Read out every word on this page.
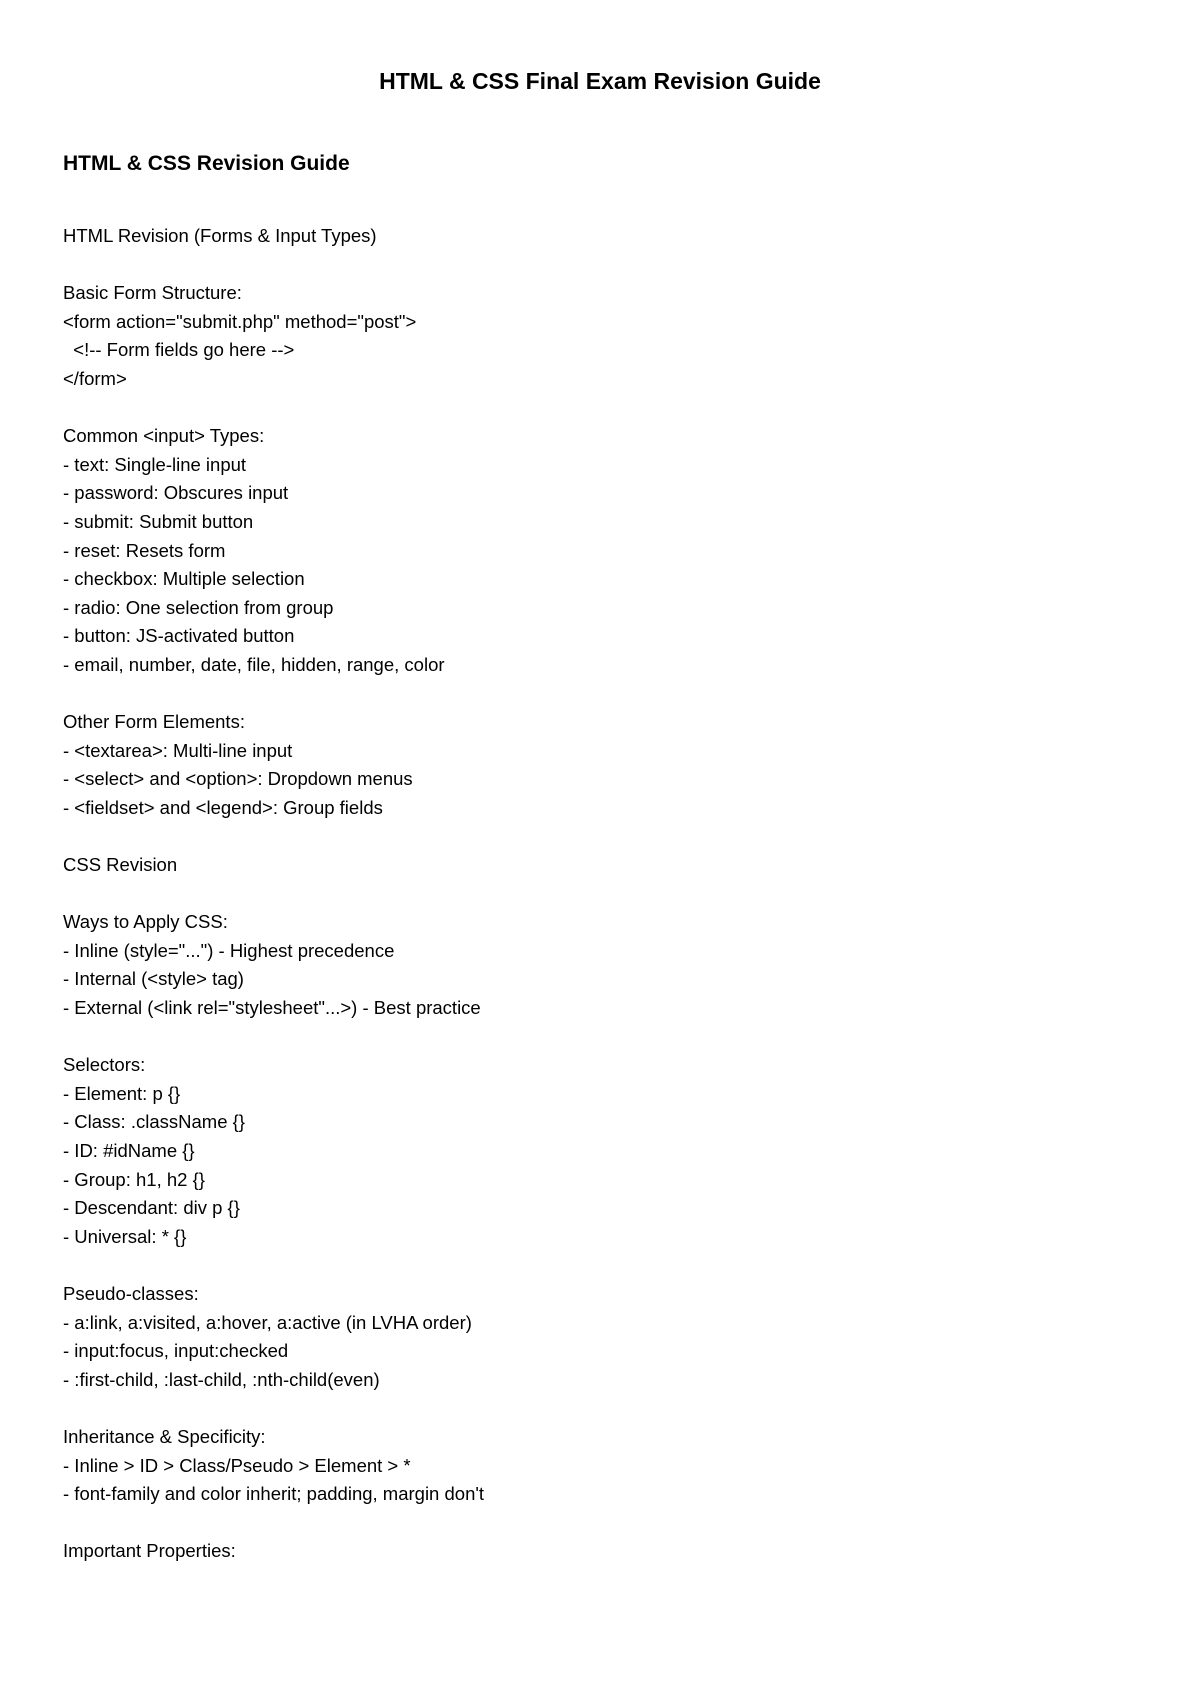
HTML & CSS Final Exam Revision Guide
HTML & CSS Revision Guide
HTML Revision (Forms & Input Types)
Basic Form Structure:
<form action="submit.php" method="post">
<!-- Form fields go here -->
</form>
Common <input> Types:
- text: Single-line input
- password: Obscures input
- submit: Submit button
- reset: Resets form
- checkbox: Multiple selection
- radio: One selection from group
- button: JS-activated button
- email, number, date, file, hidden, range, color
Other Form Elements:
- <textarea>: Multi-line input
- <select> and <option>: Dropdown menus
- <fieldset> and <legend>: Group fields
CSS Revision
Ways to Apply CSS:
- Inline (style="...") - Highest precedence
- Internal (<style> tag)
- External (<link rel="stylesheet"...>) - Best practice
Selectors:
- Element: p {}
- Class: .className {}
- ID: #idName {}
- Group: h1, h2 {}
- Descendant: div p {}
- Universal: * {}
Pseudo-classes:
- a:link, a:visited, a:hover, a:active (in LVHA order)
- input:focus, input:checked
- :first-child, :last-child, :nth-child(even)
Inheritance & Specificity:
- Inline > ID > Class/Pseudo > Element > *
- font-family and color inherit; padding, margin don't
Important Properties:
